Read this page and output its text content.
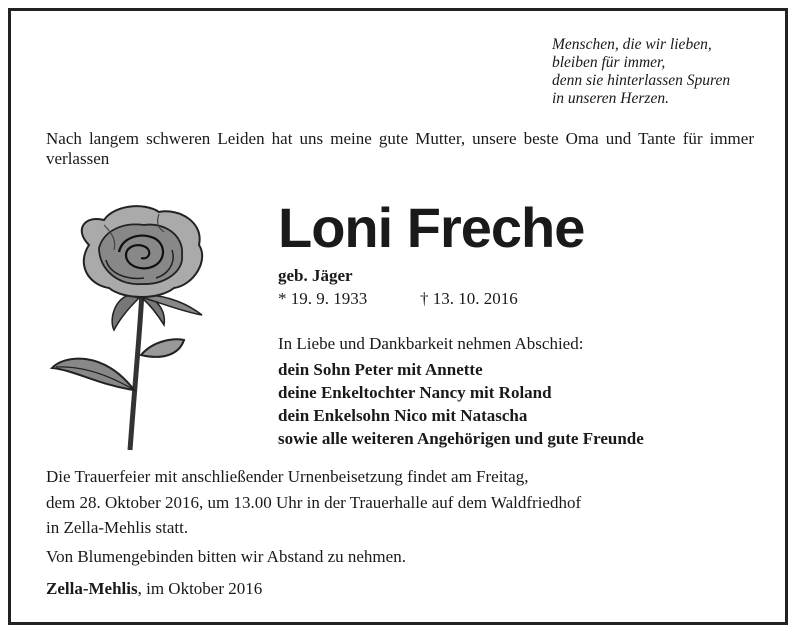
Menschen, die wir lieben,
bleiben für immer,
denn sie hinterlassen Spuren
in unseren Herzen.
Nach langem schweren Leiden hat uns meine gute Mutter, unsere beste Oma und Tante für immer verlassen
Loni Freche
geb. Jäger
* 19. 9. 1933	† 13. 10. 2016
In Liebe und Dankbarkeit nehmen Abschied:
dein Sohn Peter mit Annette
deine Enkeltochter Nancy mit Roland
dein Enkelsohn Nico mit Natascha
sowie alle weiteren Angehörigen und gute Freunde
Die Trauerfeier mit anschließender Urnenbeisetzung findet am Freitag,
dem 28. Oktober 2016, um 13.00 Uhr in der Trauerhalle auf dem Waldfriedhof
in Zella-Mehlis statt.
Von Blumengebinden bitten wir Abstand zu nehmen.
Zella-Mehlis, im Oktober 2016
